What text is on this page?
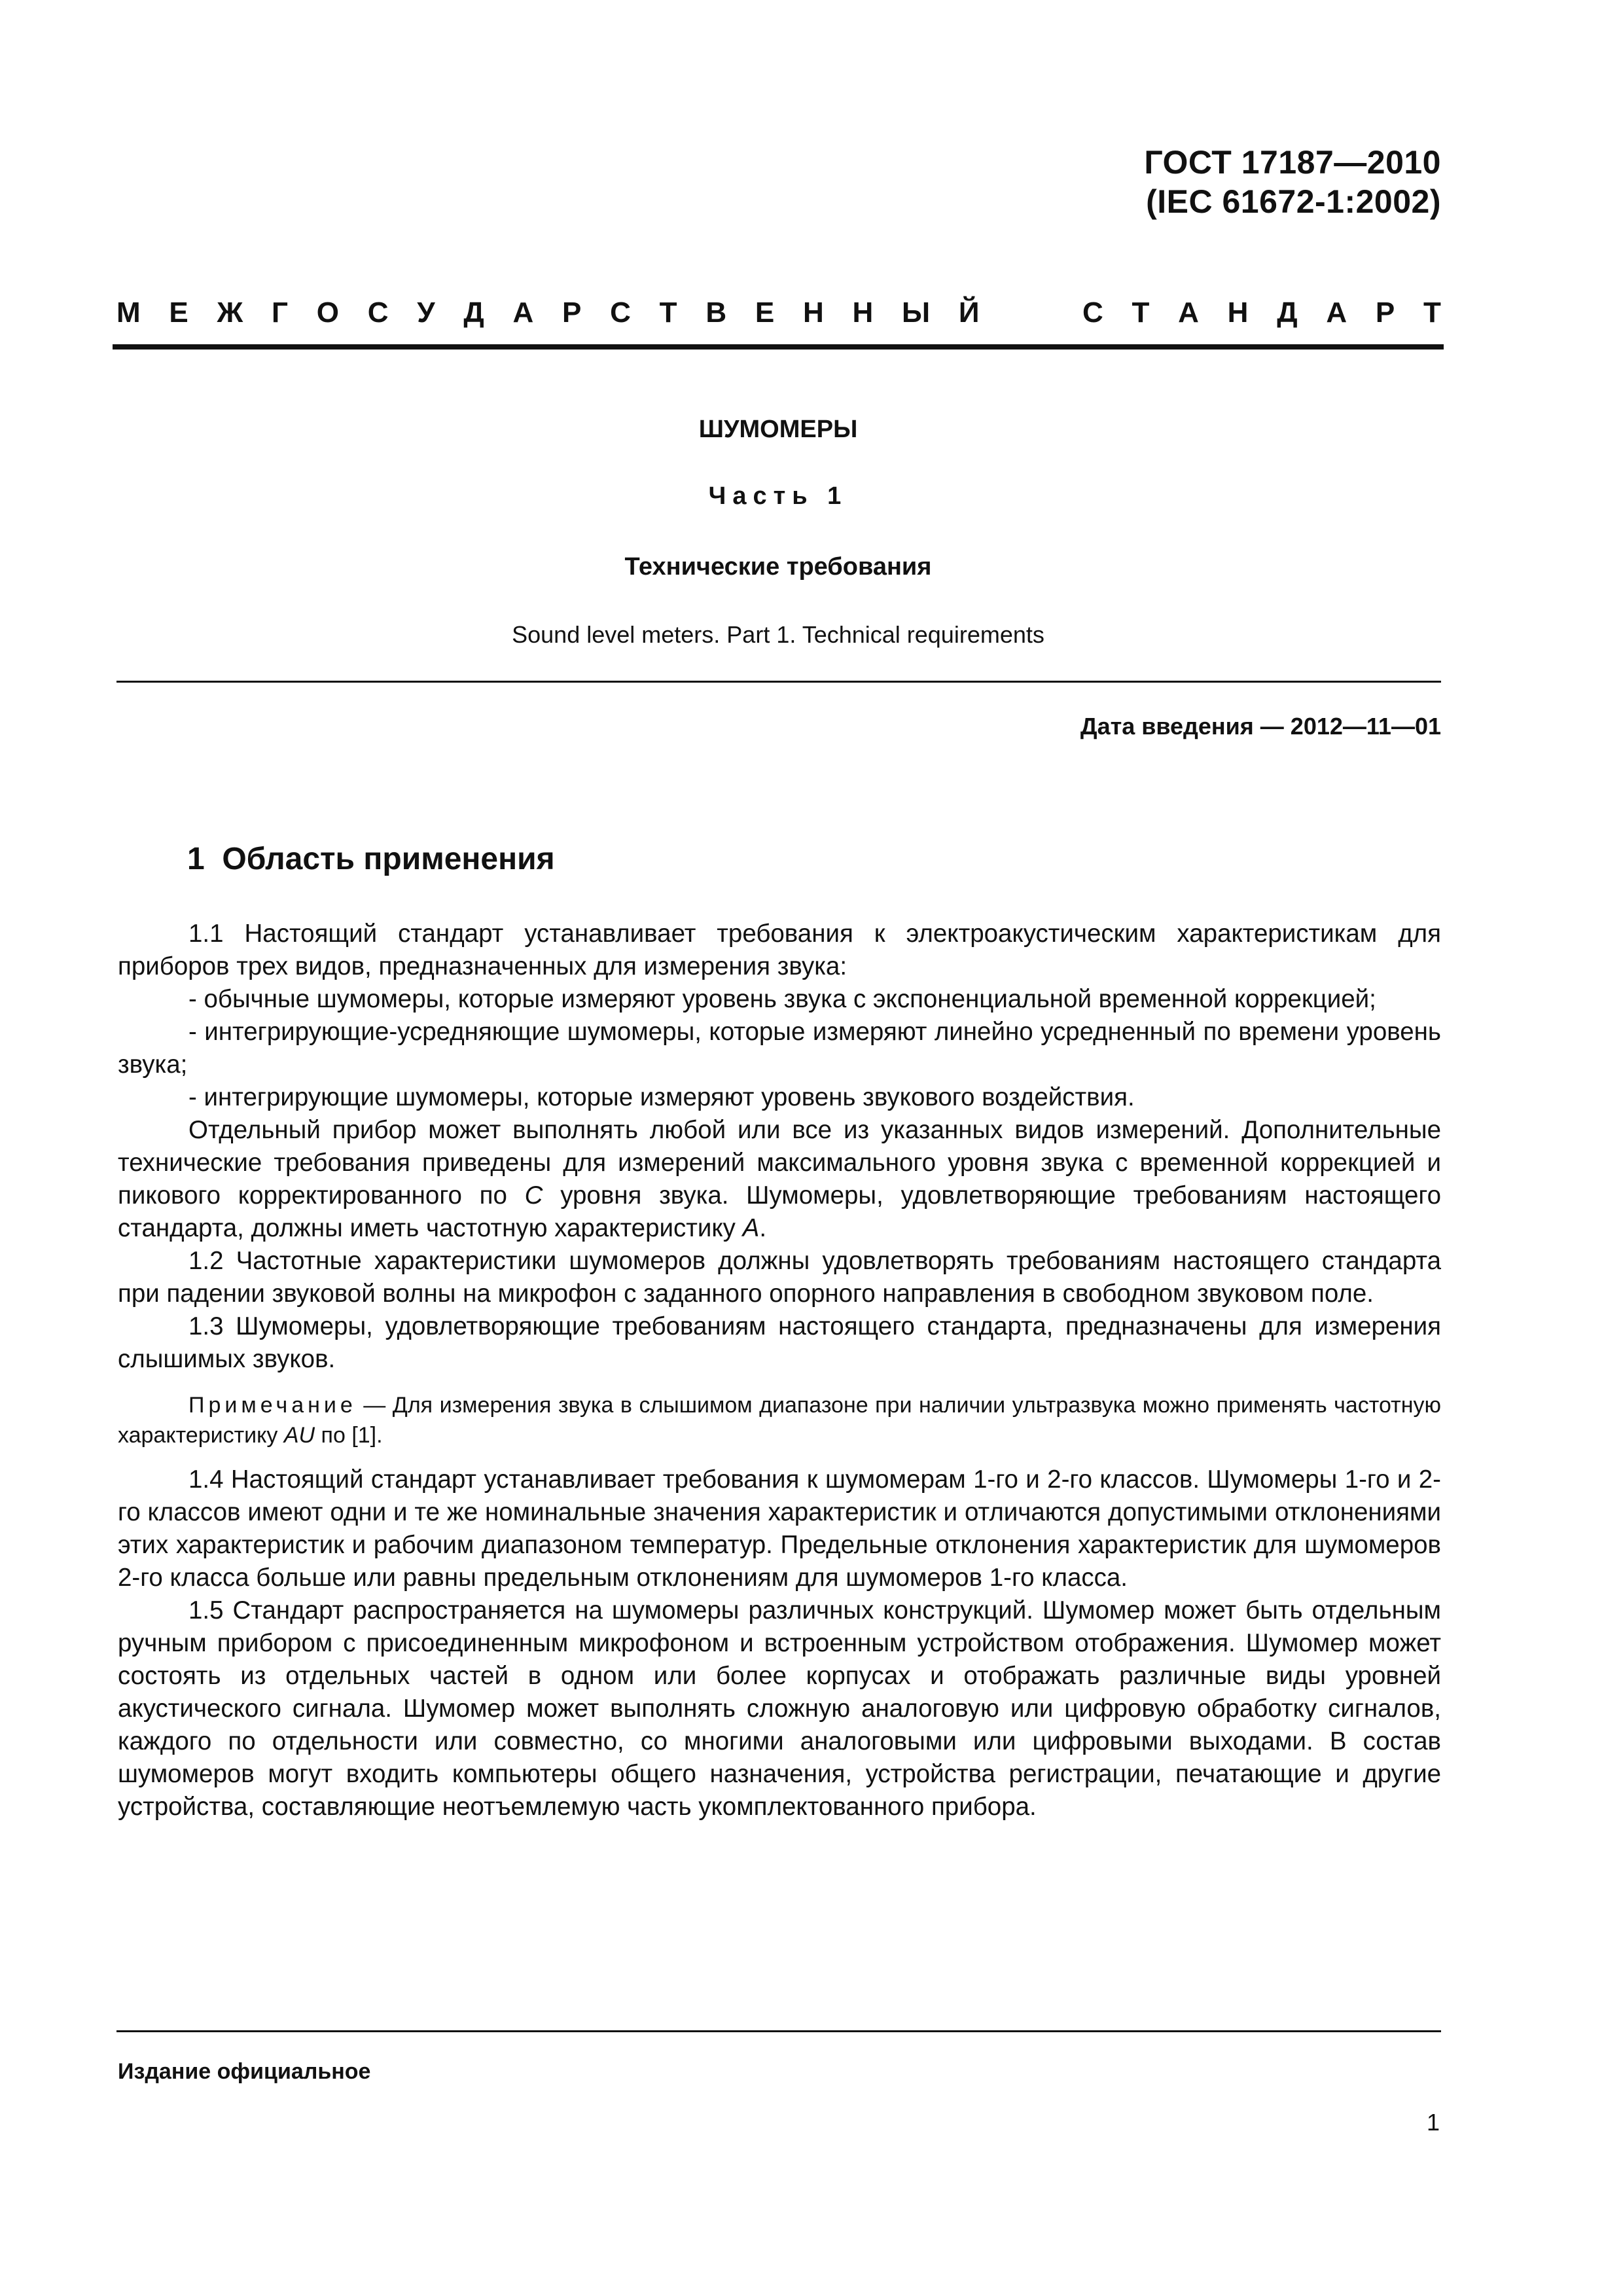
ГОСТ 17187—2010
(IEC 61672-1:2002)
М Е Ж Г О С У Д А Р С Т В Е Н Н Ы Й	С Т А Н Д А Р Т
ШУМОМЕРЫ
Часть 1
Технические требования
Sound level meters. Part 1. Technical requirements
Дата введения — 2012—11—01
1 Область применения

1.1 Настоящий стандарт устанавливает требования к электроакустическим характеристикам для приборов трех видов, предназначенных для измерения звука:

- обычные шумомеры, которые измеряют уровень звука с экспоненциальной временной коррекцией;

- интегрирующие-усредняющие шумомеры, которые измеряют линейно усредненный по времени уровень звука;

- интегрирующие шумомеры, которые измеряют уровень звукового воздействия.

Отдельный прибор может выполнять любой или все из указанных видов измерений. Дополнительные технические требования приведены для измерений максимального уровня звука с временной коррекцией и пикового корректированного по C уровня звука. Шумомеры, удовлетворяющие требованиям настоящего стандарта, должны иметь частотную характеристику A.

1.2 Частотные характеристики шумомеров должны удовлетворять требованиям настоящего стандарта при падении звуковой волны на микрофон с заданного опорного направления в свободном звуковом поле.

1.3 Шумомеры, удовлетворяющие требованиям настоящего стандарта, предназначены для измерения слышимых звуков.

Примечание — Для измерения звука в слышимом диапазоне при наличии ультразвука можно применять частотную характеристику AU по [1].

1.4 Настоящий стандарт устанавливает требования к шумомерам 1-го и 2-го классов. Шумомеры 1-го и 2-го классов имеют одни и те же номинальные значения характеристик и отличаются допустимыми отклонениями этих характеристик и рабочим диапазоном температур. Предельные отклонения характеристик для шумомеров 2-го класса больше или равны предельным отклонениям для шумомеров 1-го класса.

1.5 Стандарт распространяется на шумомеры различных конструкций. Шумомер может быть отдельным ручным прибором с присоединенным микрофоном и встроенным устройством отображения. Шумомер может состоять из отдельных частей в одном или более корпусах и отображать различные виды уровней акустического сигнала. Шумомер может выполнять сложную аналоговую или цифровую обработку сигналов, каждого по отдельности или совместно, со многими аналоговыми или цифровыми выходами. В состав шумомеров могут входить компьютеры общего назначения, устройства регистрации, печатающие и другие устройства, составляющие неотъемлемую часть укомплектованного прибора.

Издание официальное
1
